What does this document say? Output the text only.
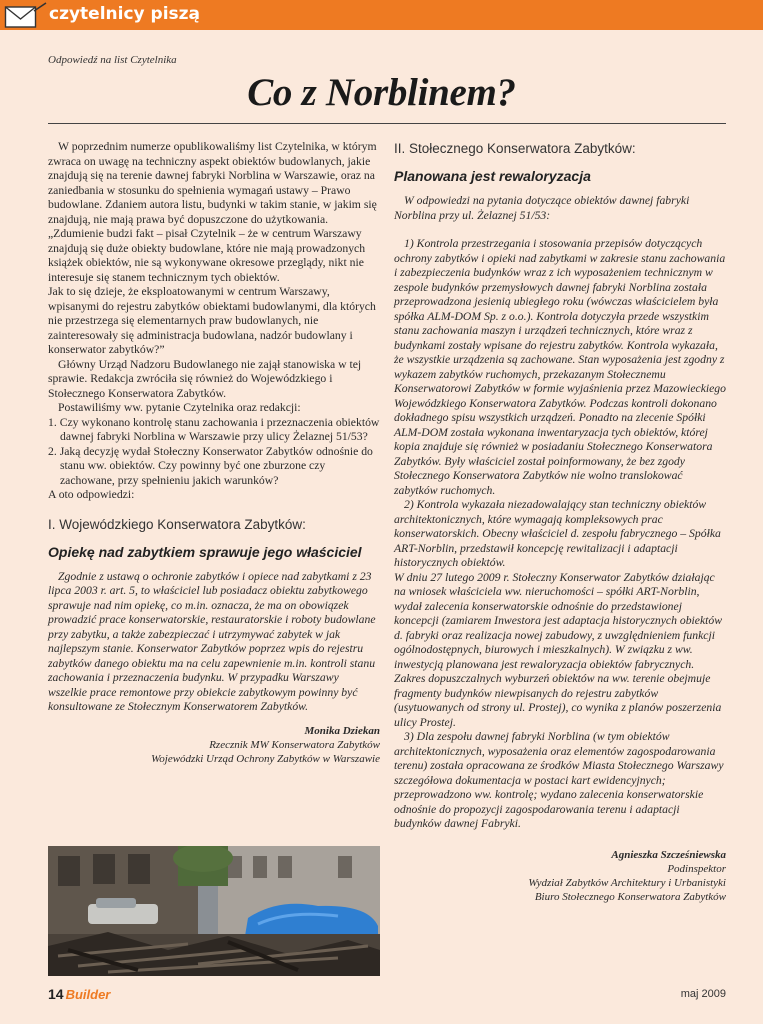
czytelnicy piszą
Odpowiedź na list Czytelnika
Co z Norblinem?

W poprzednim numerze opublikowaliśmy list Czytelnika, w którym zwraca on uwagę na techniczny aspekt obiektów budowlanych, jakie znajdują się na terenie dawnej fabryki Norblina w Warszawie, oraz na zaniedbania w stosunku do spełnienia wymagań ustawy – Prawo budowlane. Zdaniem autora listu, budynki w takim stanie, w jakim się znajdują, nie mają prawa być dopuszczone do użytkowania. „Zdumienie budzi fakt – pisał Czytelnik – że w centrum Warszawy znajdują się duże obiekty budowlane, które nie mają prowadzonych książek obiektów, nie są wykonywane okresowe przeglądy, nikt nie interesuje się stanem technicznym tych obiektów.

Jak to się dzieje, że eksploatowanymi w centrum Warszawy, wpisanymi do rejestru zabytków obiektami budowlanymi, dla których nie przestrzega się elementarnych praw budowlanych, nie zainteresowały się administracja budowlana, nadzór budowlany i konserwator zabytków?”

Główny Urząd Nadzoru Budowlanego nie zajął stanowiska w tej sprawie. Redakcja zwróciła się również do Wojewódzkiego i Stołecznego Konserwatora Zabytków.

Postawiliśmy ww. pytanie Czytelnika oraz redakcji:

1. Czy wykonano kontrolę stanu zachowania i przeznaczenia obiektów dawnej fabryki Norblina w Warszawie przy ulicy Żelaznej 51/53?

2. Jaką decyzję wydał Stołeczny Konserwator Zabytków odnośnie do stanu ww. obiektów. Czy powinny być one zburzone czy zachowane, przy spełnieniu jakich warunków?

A oto odpowiedzi:

I. Wojewódzkiego Konserwatora Zabytków:

Opiekę nad zabytkiem sprawuje jego właściciel

Zgodnie z ustawą o ochronie zabytków i opiece nad zabytkami z 23 lipca 2003 r. art. 5, to właściciel lub posiadacz obiektu zabytkowego sprawuje nad nim opiekę, co m.in. oznacza, że ma on obowiązek prowadzić prace konserwatorskie, restauratorskie i roboty budowlane przy zabytku, a także zabezpieczać i utrzymywać zabytek w jak najlepszym stanie. Konserwator Zabytków poprzez wpis do rejestru zabytków danego obiektu ma na celu zapewnienie m.in. kontroli stanu zachowania i przeznaczenia budynku. W przypadku Warszawy wszelkie prace remontowe przy obiekcie zabytkowym powinny być konsultowane ze Stołecznym Konserwatorem Zabytków.

Monika Dziekan
Rzecznik MW Konserwatora Zabytków
Wojewódzki Urząd Ochrony Zabytków w Warszawie

II. Stołecznego Konserwatora Zabytków:

Planowana jest rewaloryzacja

W odpowiedzi na pytania dotyczące obiektów dawnej fabryki Norblina przy ul. Żelaznej 51/53:

1) Kontrola przestrzegania i stosowania przepisów dotyczących ochrony zabytków i opieki nad zabytkami w zakresie stanu zachowania i zabezpieczenia budynków wraz z ich wyposażeniem technicznym w zespole budynków przemysłowych dawnej fabryki Norblina została przeprowadzona jesienią ubiegłego roku (wówczas właścicielem była spółka ALM-DOM Sp. z o.o.). Kontrola dotyczyła przede wszystkim stanu zachowania maszyn i urządzeń technicznych, które wraz z budynkami zostały wpisane do rejestru zabytków. Kontrola wykazała, że wszystkie urządzenia są zachowane. Stan wyposażenia jest zgodny z wykazem zabytków ruchomych, przekazanym Stołecznemu Konserwatorowi Zabytków w formie wyjaśnienia przez Mazowieckiego Wojewódzkiego Konserwatora Zabytków. Podczas kontroli dokonano dokładnego spisu wszystkich urządzeń. Ponadto na zlecenie Spółki ALM-DOM została wykonana inwentaryzacja tych obiektów, której kopia znajduje się również w posiadaniu Stołecznego Konserwatora Zabytków. Były właściciel został poinformowany, że bez zgody Stołecznego Konserwatora Zabytków nie wolno translokować zabytków ruchomych.

2) Kontrola wykazała niezadowalający stan techniczny obiektów architektonicznych, które wymagają kompleksowych prac konserwatorskich. Obecny właściciel d. zespołu fabrycznego – Spółka ART-Norblin, przedstawił koncepcję rewitalizacji i adaptacji historycznych obiektów.

W dniu 27 lutego 2009 r. Stołeczny Konserwator Zabytków działając na wniosek właściciela ww. nieruchomości – spółki ART-Norblin, wydał zalecenia konserwatorskie odnośnie do przedstawionej koncepcji (zamiarem Inwestora jest adaptacja historycznych obiektów d. fabryki oraz realizacja nowej zabudowy, z uwzględnieniem funkcji ogólnodostępnych, biurowych i mieszkalnych). W związku z ww. inwestycją planowana jest rewaloryzacja obiektów fabrycznych. Zakres dopuszczalnych wyburzeń obiektów na ww. terenie obejmuje fragmenty budynków niewpisanych do rejestru zabytków (usytuowanych od strony ul. Prostej), co wynika z planów poszerzenia ulicy Prostej.

3) Dla zespołu dawnej fabryki Norblina (w tym obiektów architektonicznych, wyposażenia oraz elementów zagospodarowania terenu) została opracowana ze środków Miasta Stołecznego Warszawy szczegółowa dokumentacja w postaci kart ewidencyjnych; przeprowadzono ww. kontrolę; wydano zalecenia konserwatorskie odnośnie do propozycji zagospodarowania terenu i adaptacji budynków dawnej Fabryki.

Agnieszka Szcześniewska
Podinspektor
Wydział Zabytków Architektury i Urbanistyki
Biuro Stołecznego Konserwatora Zabytków
14 Builder	maj 2009
